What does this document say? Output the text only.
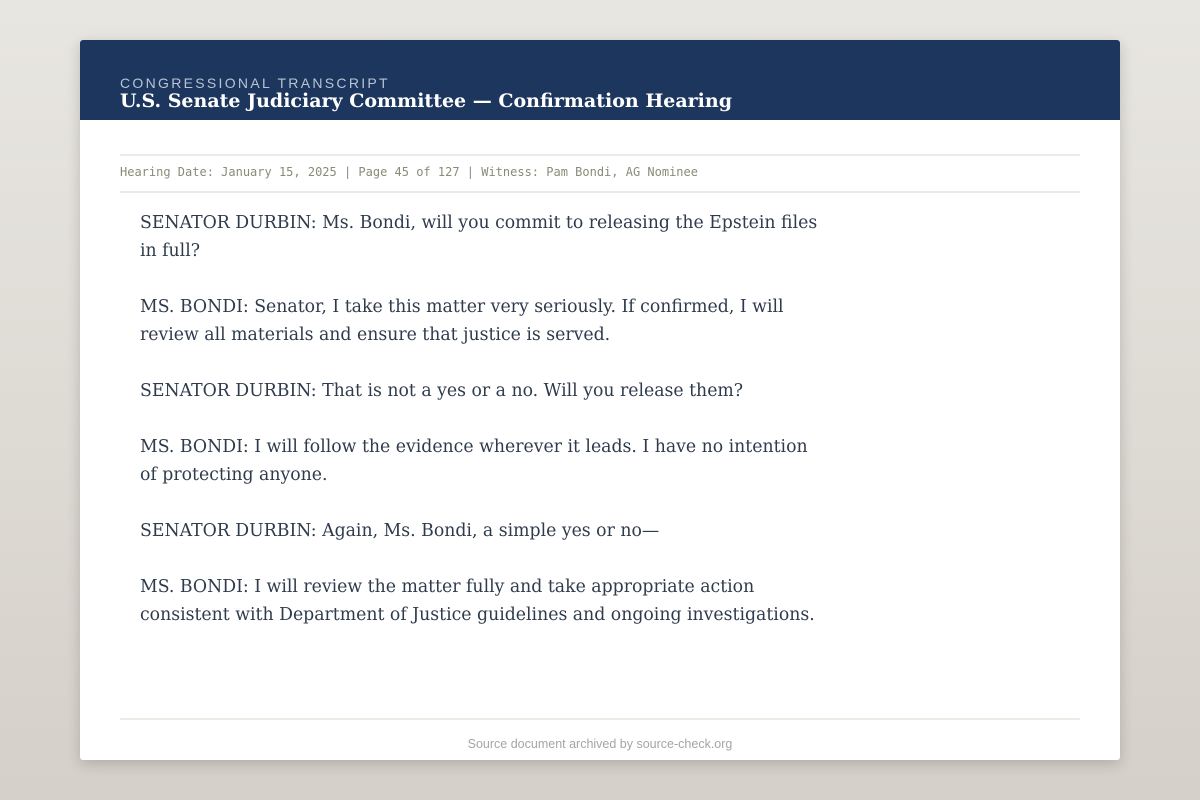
CONGRESSIONAL TRANSCRIPT
U.S. Senate Judiciary Committee — Confirmation Hearing
Hearing Date: January 15, 2025 | Page 45 of 127 | Witness: Pam Bondi, AG Nominee

SENATOR DURBIN: Ms. Bondi, will you commit to releasing the Epstein files in full?

MS. BONDI: Senator, I take this matter very seriously. If confirmed, I will review all materials and ensure that justice is served.

SENATOR DURBIN: That is not a yes or a no. Will you release them?

MS. BONDI: I will follow the evidence wherever it leads. I have no intention of protecting anyone.

SENATOR DURBIN: Again, Ms. Bondi, a simple yes or no—

MS. BONDI: I will review the matter fully and take appropriate action consistent with Department of Justice guidelines and ongoing investigations.

Source document archived by source-check.org
